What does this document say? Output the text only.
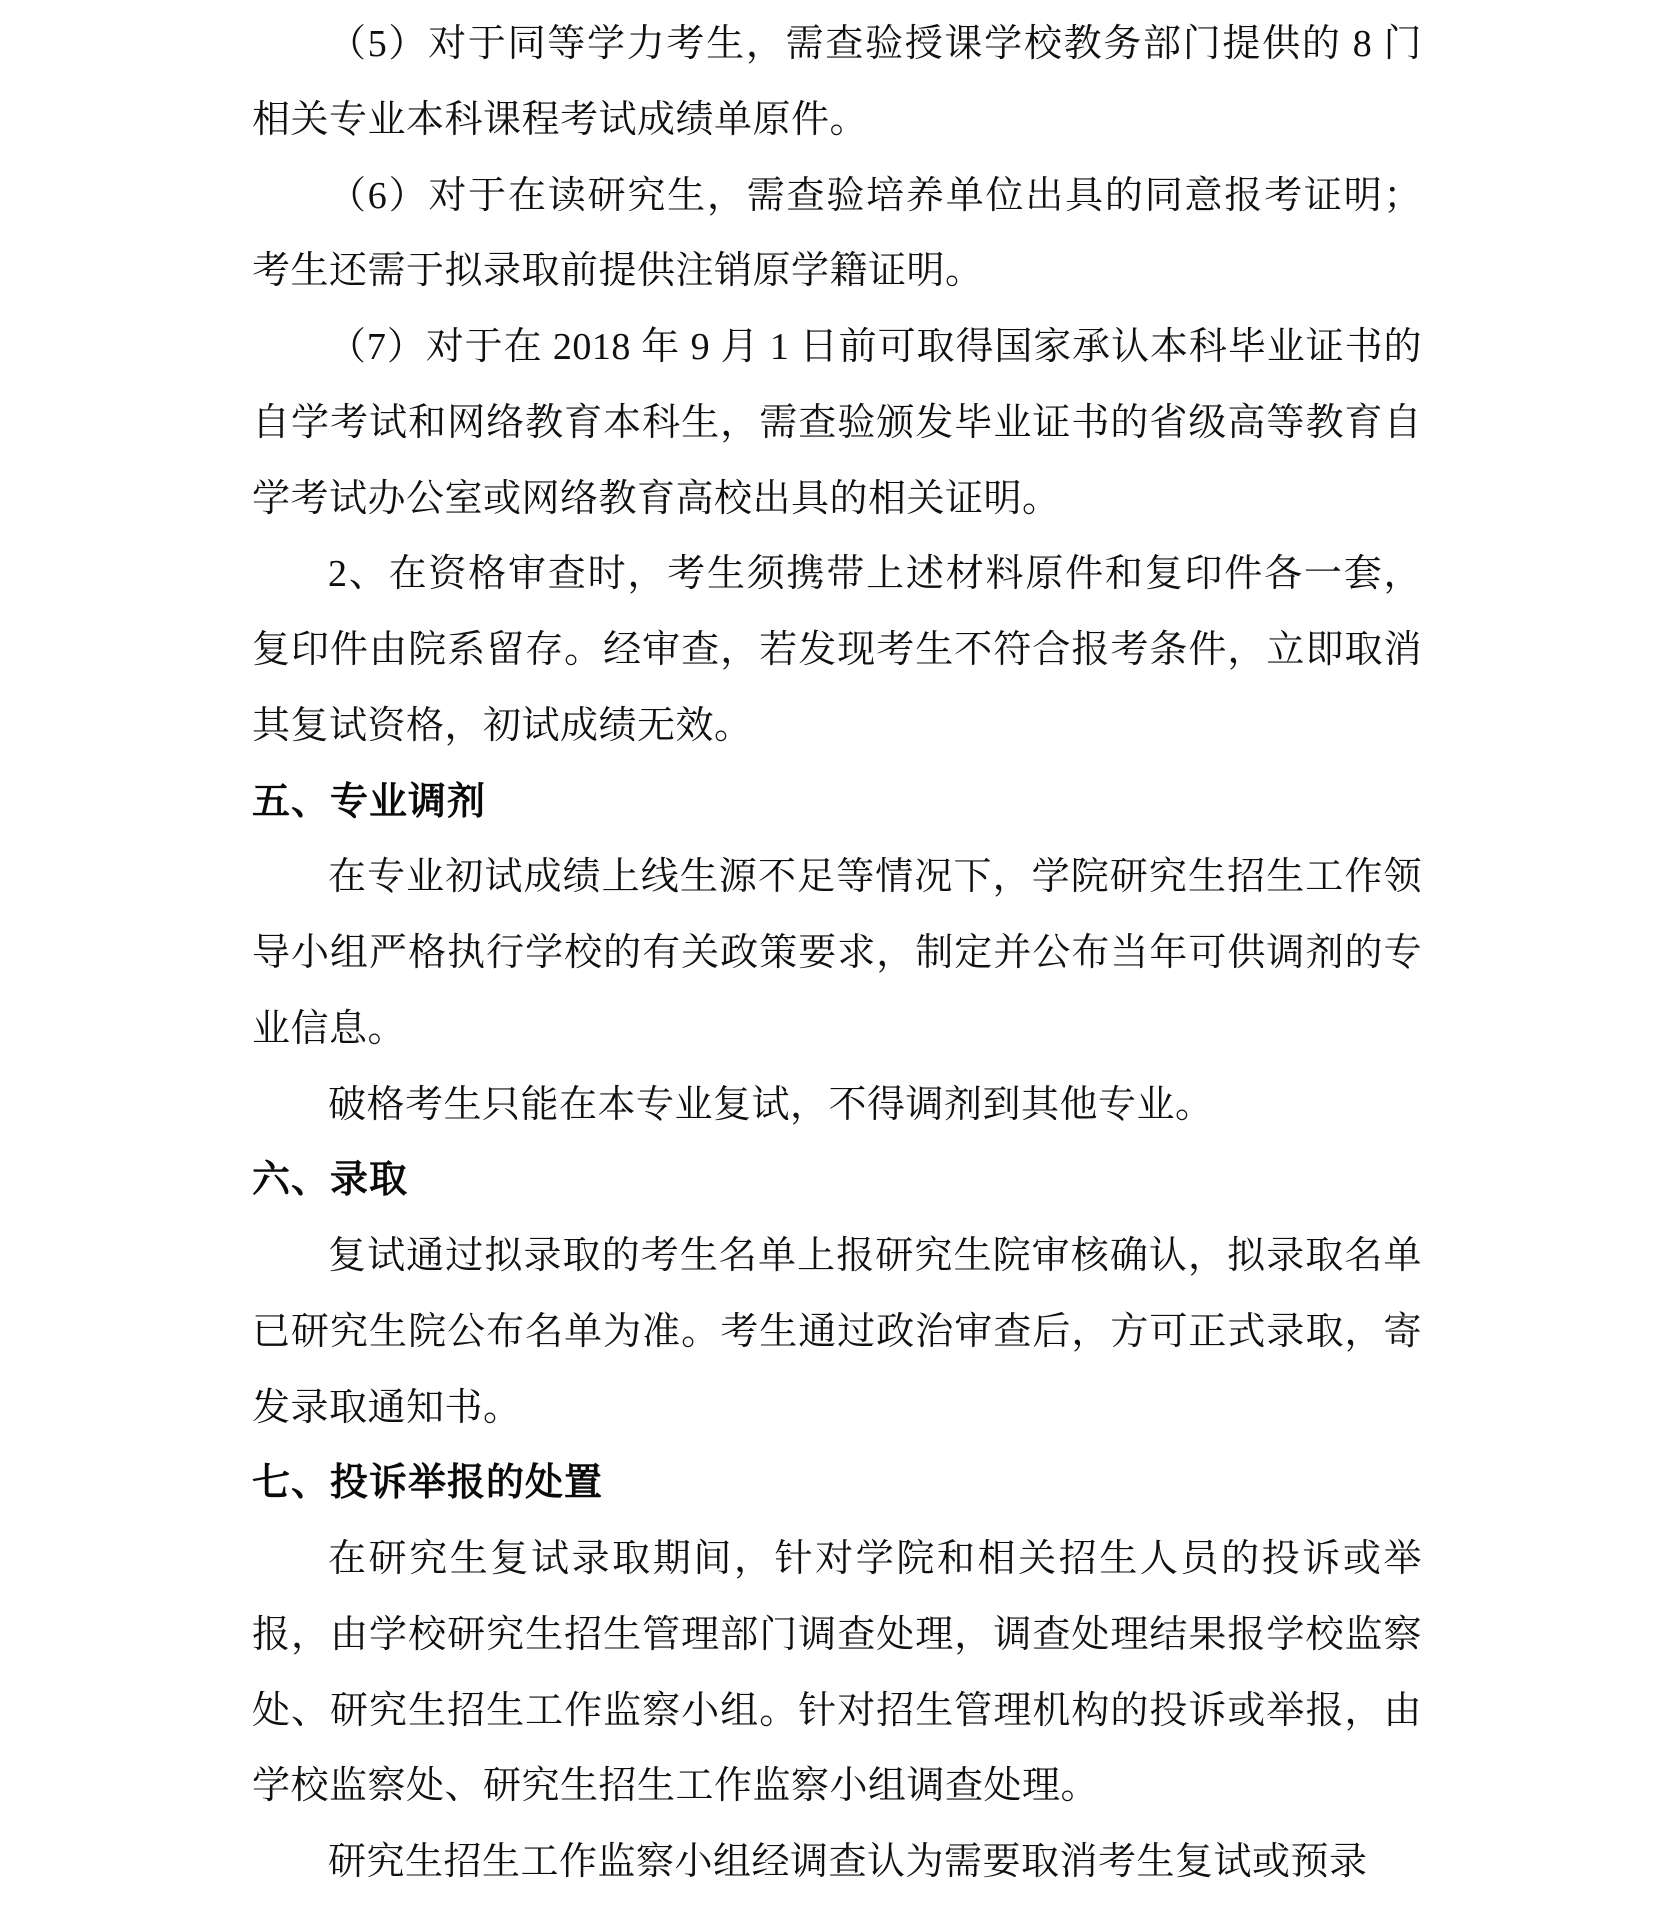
（5）对于同等学力考生，需查验授课学校教务部门提供的 8 门相关专业本科课程考试成绩单原件。

（6）对于在读研究生，需查验培养单位出具的同意报考证明；考生还需于拟录取前提供注销原学籍证明。

（7）对于在 2018 年 9 月 1 日前可取得国家承认本科毕业证书的自学考试和网络教育本科生，需查验颁发毕业证书的省级高等教育自学考试办公室或网络教育高校出具的相关证明。

2、在资格审查时，考生须携带上述材料原件和复印件各一套，复印件由院系留存。经审查，若发现考生不符合报考条件，立即取消其复试资格，初试成绩无效。

五、专业调剂

在专业初试成绩上线生源不足等情况下，学院研究生招生工作领导小组严格执行学校的有关政策要求，制定并公布当年可供调剂的专业信息。

破格考生只能在本专业复试，不得调剂到其他专业。

六、录取

复试通过拟录取的考生名单上报研究生院审核确认，拟录取名单已研究生院公布名单为准。考生通过政治审查后，方可正式录取，寄发录取通知书。

七、投诉举报的处置

在研究生复试录取期间，针对学院和相关招生人员的投诉或举报，由学校研究生招生管理部门调查处理，调查处理结果报学校监察处、研究生招生工作监察小组。针对招生管理机构的投诉或举报，由学校监察处、研究生招生工作监察小组调查处理。

研究生招生工作监察小组经调查认为需要取消考生复试或预录
